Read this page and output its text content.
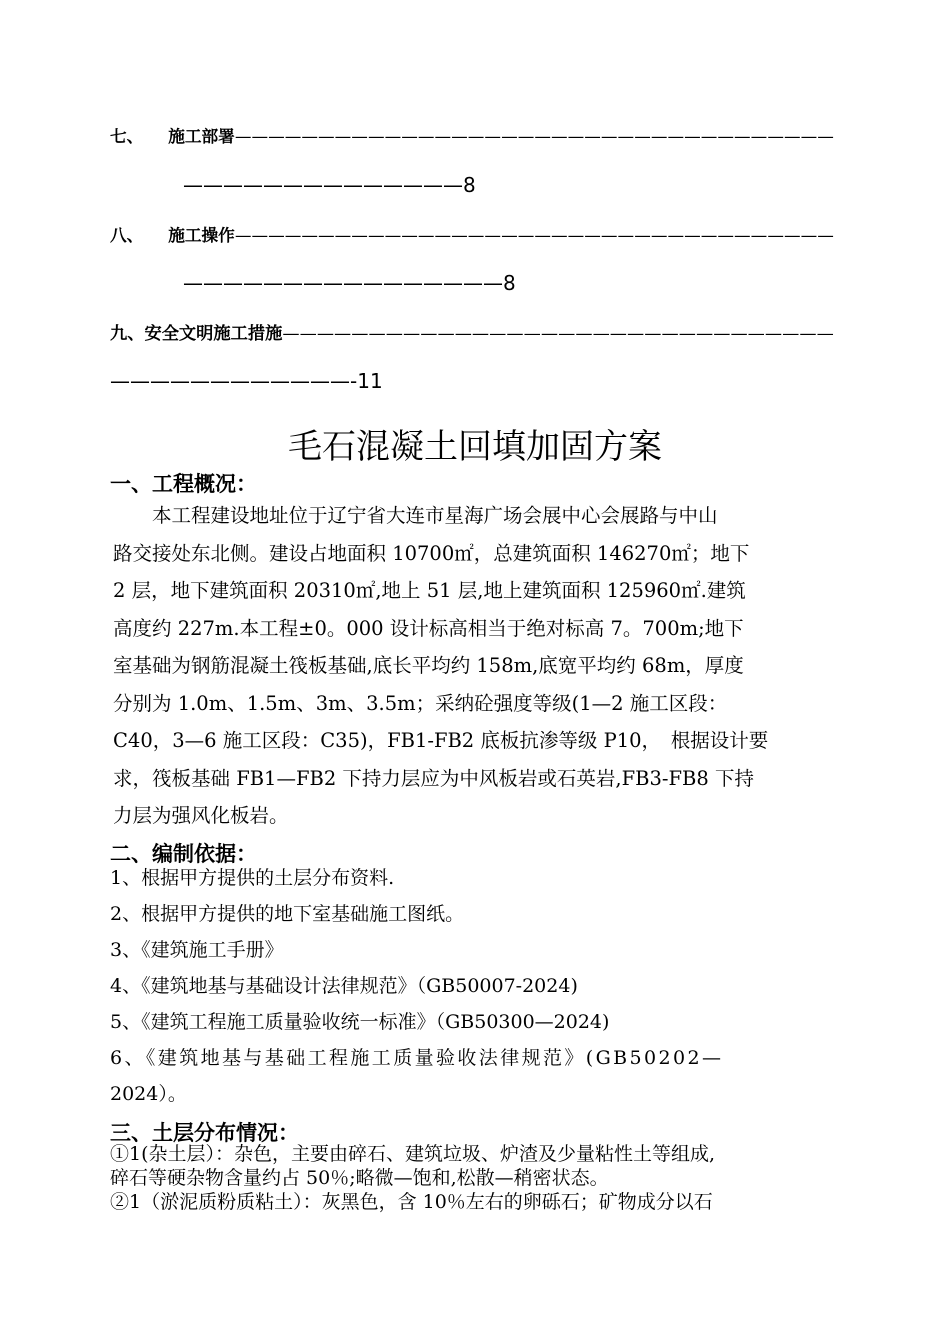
七、　　施工部署————————————————————————————————————
——————————————8
八、　　施工操作————————————————————————————————————
————————————————8
九、安全文明施工措施————————————————————————————————
————————————-11
毛石混凝土回填加固方案
一、工程概况：

　　本工程建设地址位于辽宁省大连市星海广场会展中心会展路与中山

路交接处东北侧。建设占地面积 10700㎡，总建筑面积 146270㎡；地下

2 层，地下建筑面积 20310㎡,地上 51 层,地上建筑面积 125960㎡.建筑

高度约 227m.本工程±0。000 设计标高相当于绝对标高 7。700m;地下

室基础为钢筋混凝土筏板基础,底长平均约 158m,底宽平均约 68m，厚度

分别为 1.0m、1.5m、3m、3.5m；采纳砼强度等级(1—2 施工区段：

C40，3—6 施工区段：C35)，FB1-FB2 底板抗渗等级 P10，　根据设计要

求，筏板基础 FB1—FB2 下持力层应为中风板岩或石英岩,FB3-FB8 下持

力层为强风化板岩。

二、编制依据：
1、根据甲方提供的土层分布资料.
2、根据甲方提供的地下室基础施工图纸。
3、《建筑施工手册》
4、《建筑地基与基础设计法律规范》（GB50007-2024)
5、《建筑工程施工质量验收统一标准》（GB50300—2024)
6、《建筑地基与基础工程施工质量验收法律规范》(GB50202—
2024）。
三、土层分布情况：

①1(杂土层）：杂色，主要由碎石、建筑垃圾、炉渣及少量粘性土等组成,

碎石等硬杂物含量约占 50％;略微—饱和,松散—稍密状态。

②1（淤泥质粉质粘土）：灰黑色，含 10％左右的卵砾石；矿物成分以石
